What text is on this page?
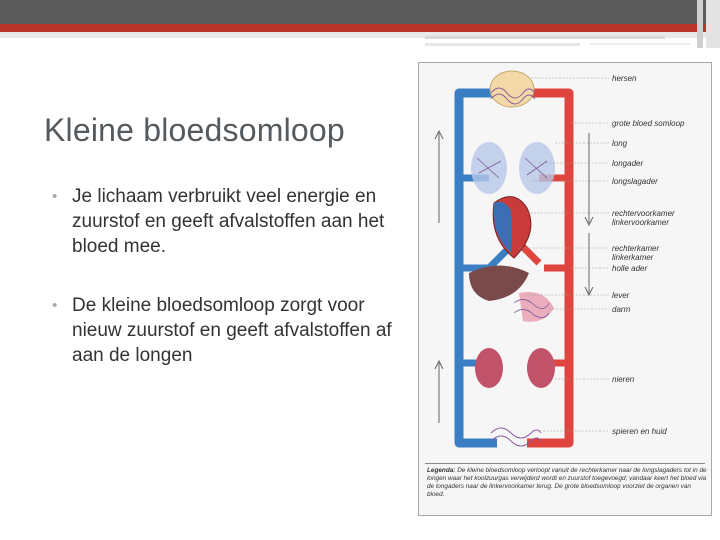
Kleine bloedsomloop
• Je lichaam verbruikt veel energie en zuurstof en geeft afvalstoffen aan het bloed mee.
• De kleine bloedsomloop zorgt voor nieuw zuurstof en geeft afvalstoffen af aan de longen
hersen
grote bloed somloop
long
longader
longslagader
rechtervoorkamer
linkervoorkamer
rechterkamer
linkerkamer
holle ader
lever
darm
nieren
spieren en huid
Legenda: De kleine bloedsomloop verloopt vanuit de rechterkamer naar de longslagaders tot in de longen waar het koolzuurgas verwijderd wordt en zuurstof toegevoegd; vandaar keert het bloed via de longaders naar de linkervoorkamer terug. De grote bloedsomloop voorziet de organen van bloed.
